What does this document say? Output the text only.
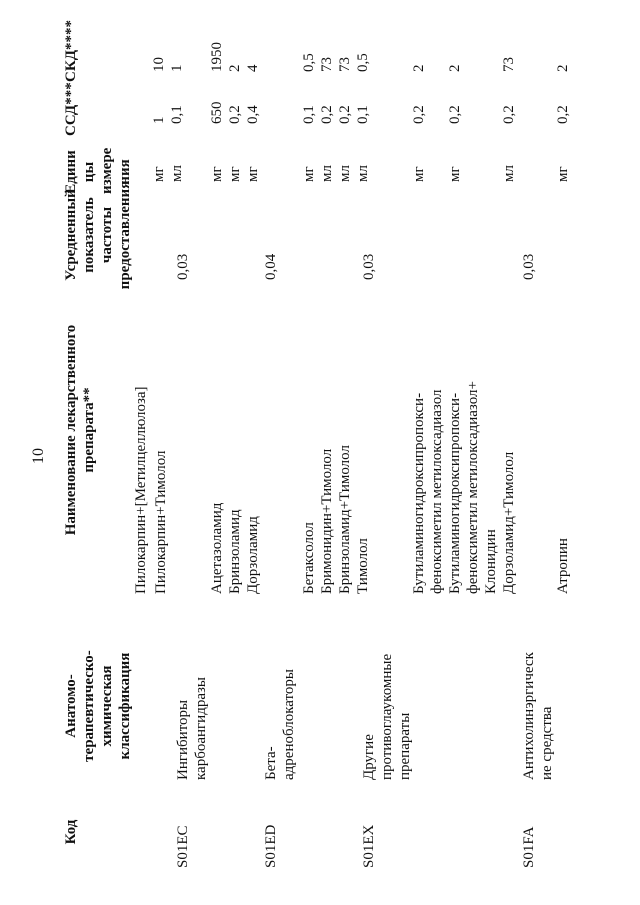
10
Код
Анатомо- терапевтическо- химическая классификация
Наименование лекарственного препарата**
Усредненный показатель частоты предоставления
Едини цы измере ния
ССД***
СКД****
Пилокарпин+[Метилцеллюлоза]
мг
1
10
Пилокарпин+Тимолол
мл
0,1
1
S01EC
Ингибиторы карбоангидразы
0,03
Ацетазоламид
мг
650
1950
Бринзоламид
мг
0,2
2
Дорзоламид
мг
0,4
4
S01ED
Бета- адреноблокаторы
0,04
Бетаксолол
мг
0,1
0,5
Бримонидин+Тимолол
мл
0,2
73
Бринзоламид+Тимолол
мл
0,2
73
Тимолол
мл
0,1
0,5
S01EX
Другие противоглаукомные препараты
0,03
Бутиламиногидроксипропокси- феноксиметил метилоксадиазол
мг
0,2
2
Бутиламиногидроксипропокси- феноксиметил метилоксадиазол+ Клонидин
мг
0,2
2
Дорзоламид+Тимолол
мл
0,2
73
S01FA
Антихолинэргическ ие средства
0,03
Атропин
мг
0,2
2
